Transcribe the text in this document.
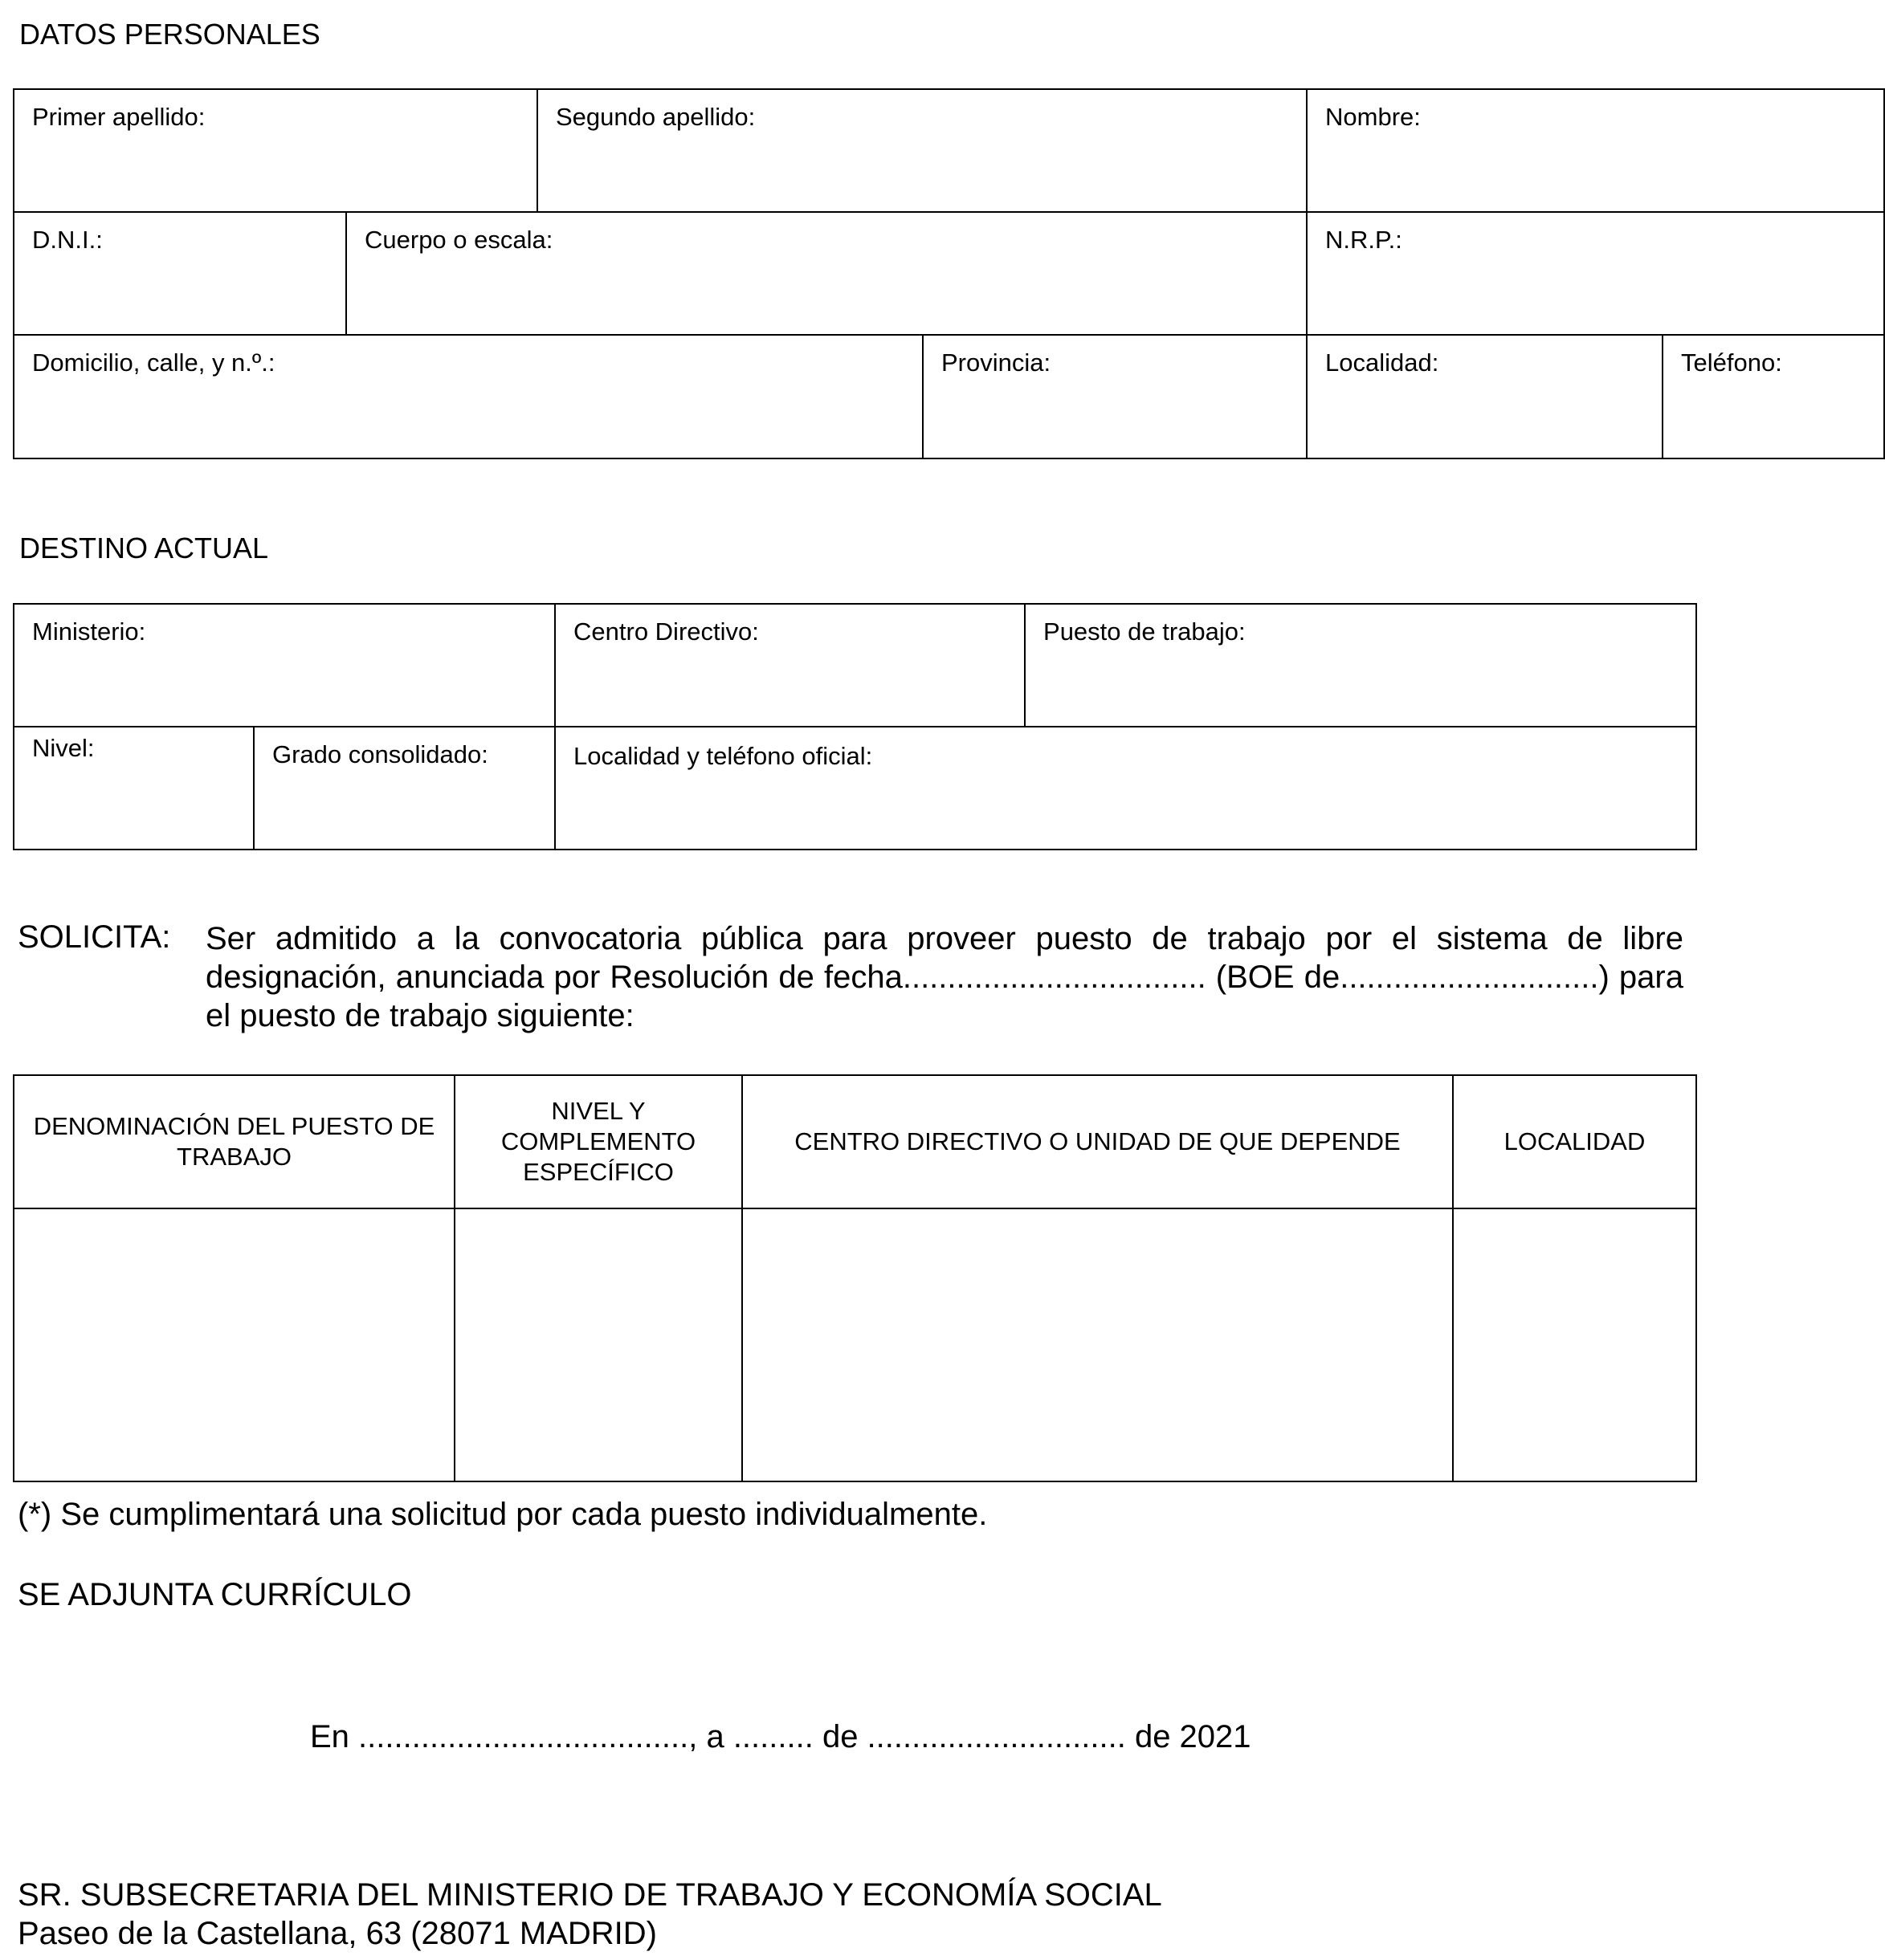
DATOS PERSONALES
Primer apellido:		Segundo apellido:		Nombre:	

D.N.I.:	Cuerpo o escala:			N.R.P.:	

Domicilio, calle, y n.º.:			Provincia:	Localidad:	Teléfono:
DESTINO ACTUAL
Ministerio:		Centro Directivo:	Puesto de trabajo:

Nivel:	Grado consolidado:	Localidad y teléfono oficial:	
SOLICITA: Ser admitido a la convocatoria pública para proveer puesto de trabajo por el sistema de libre designación, anunciada por Resolución de fecha.................................. (BOE de.............................) para el puesto de trabajo siguiente:
DENOMINACIÓN DEL PUESTO DE TRABAJO	NIVEL Y COMPLEMENTO ESPECÍFICO	CENTRO DIRECTIVO O UNIDAD DE QUE DEPENDE	LOCALIDAD

(*) Se cumplimentará una solicitud por cada puesto individualmente.
SE ADJUNTA CURRÍCULO
En ....................................., a ......... de ............................. de 2021
SR. SUBSECRETARIA DEL MINISTERIO DE TRABAJO Y ECONOMÍA SOCIAL
Paseo de la Castellana, 63 (28071 MADRID)
